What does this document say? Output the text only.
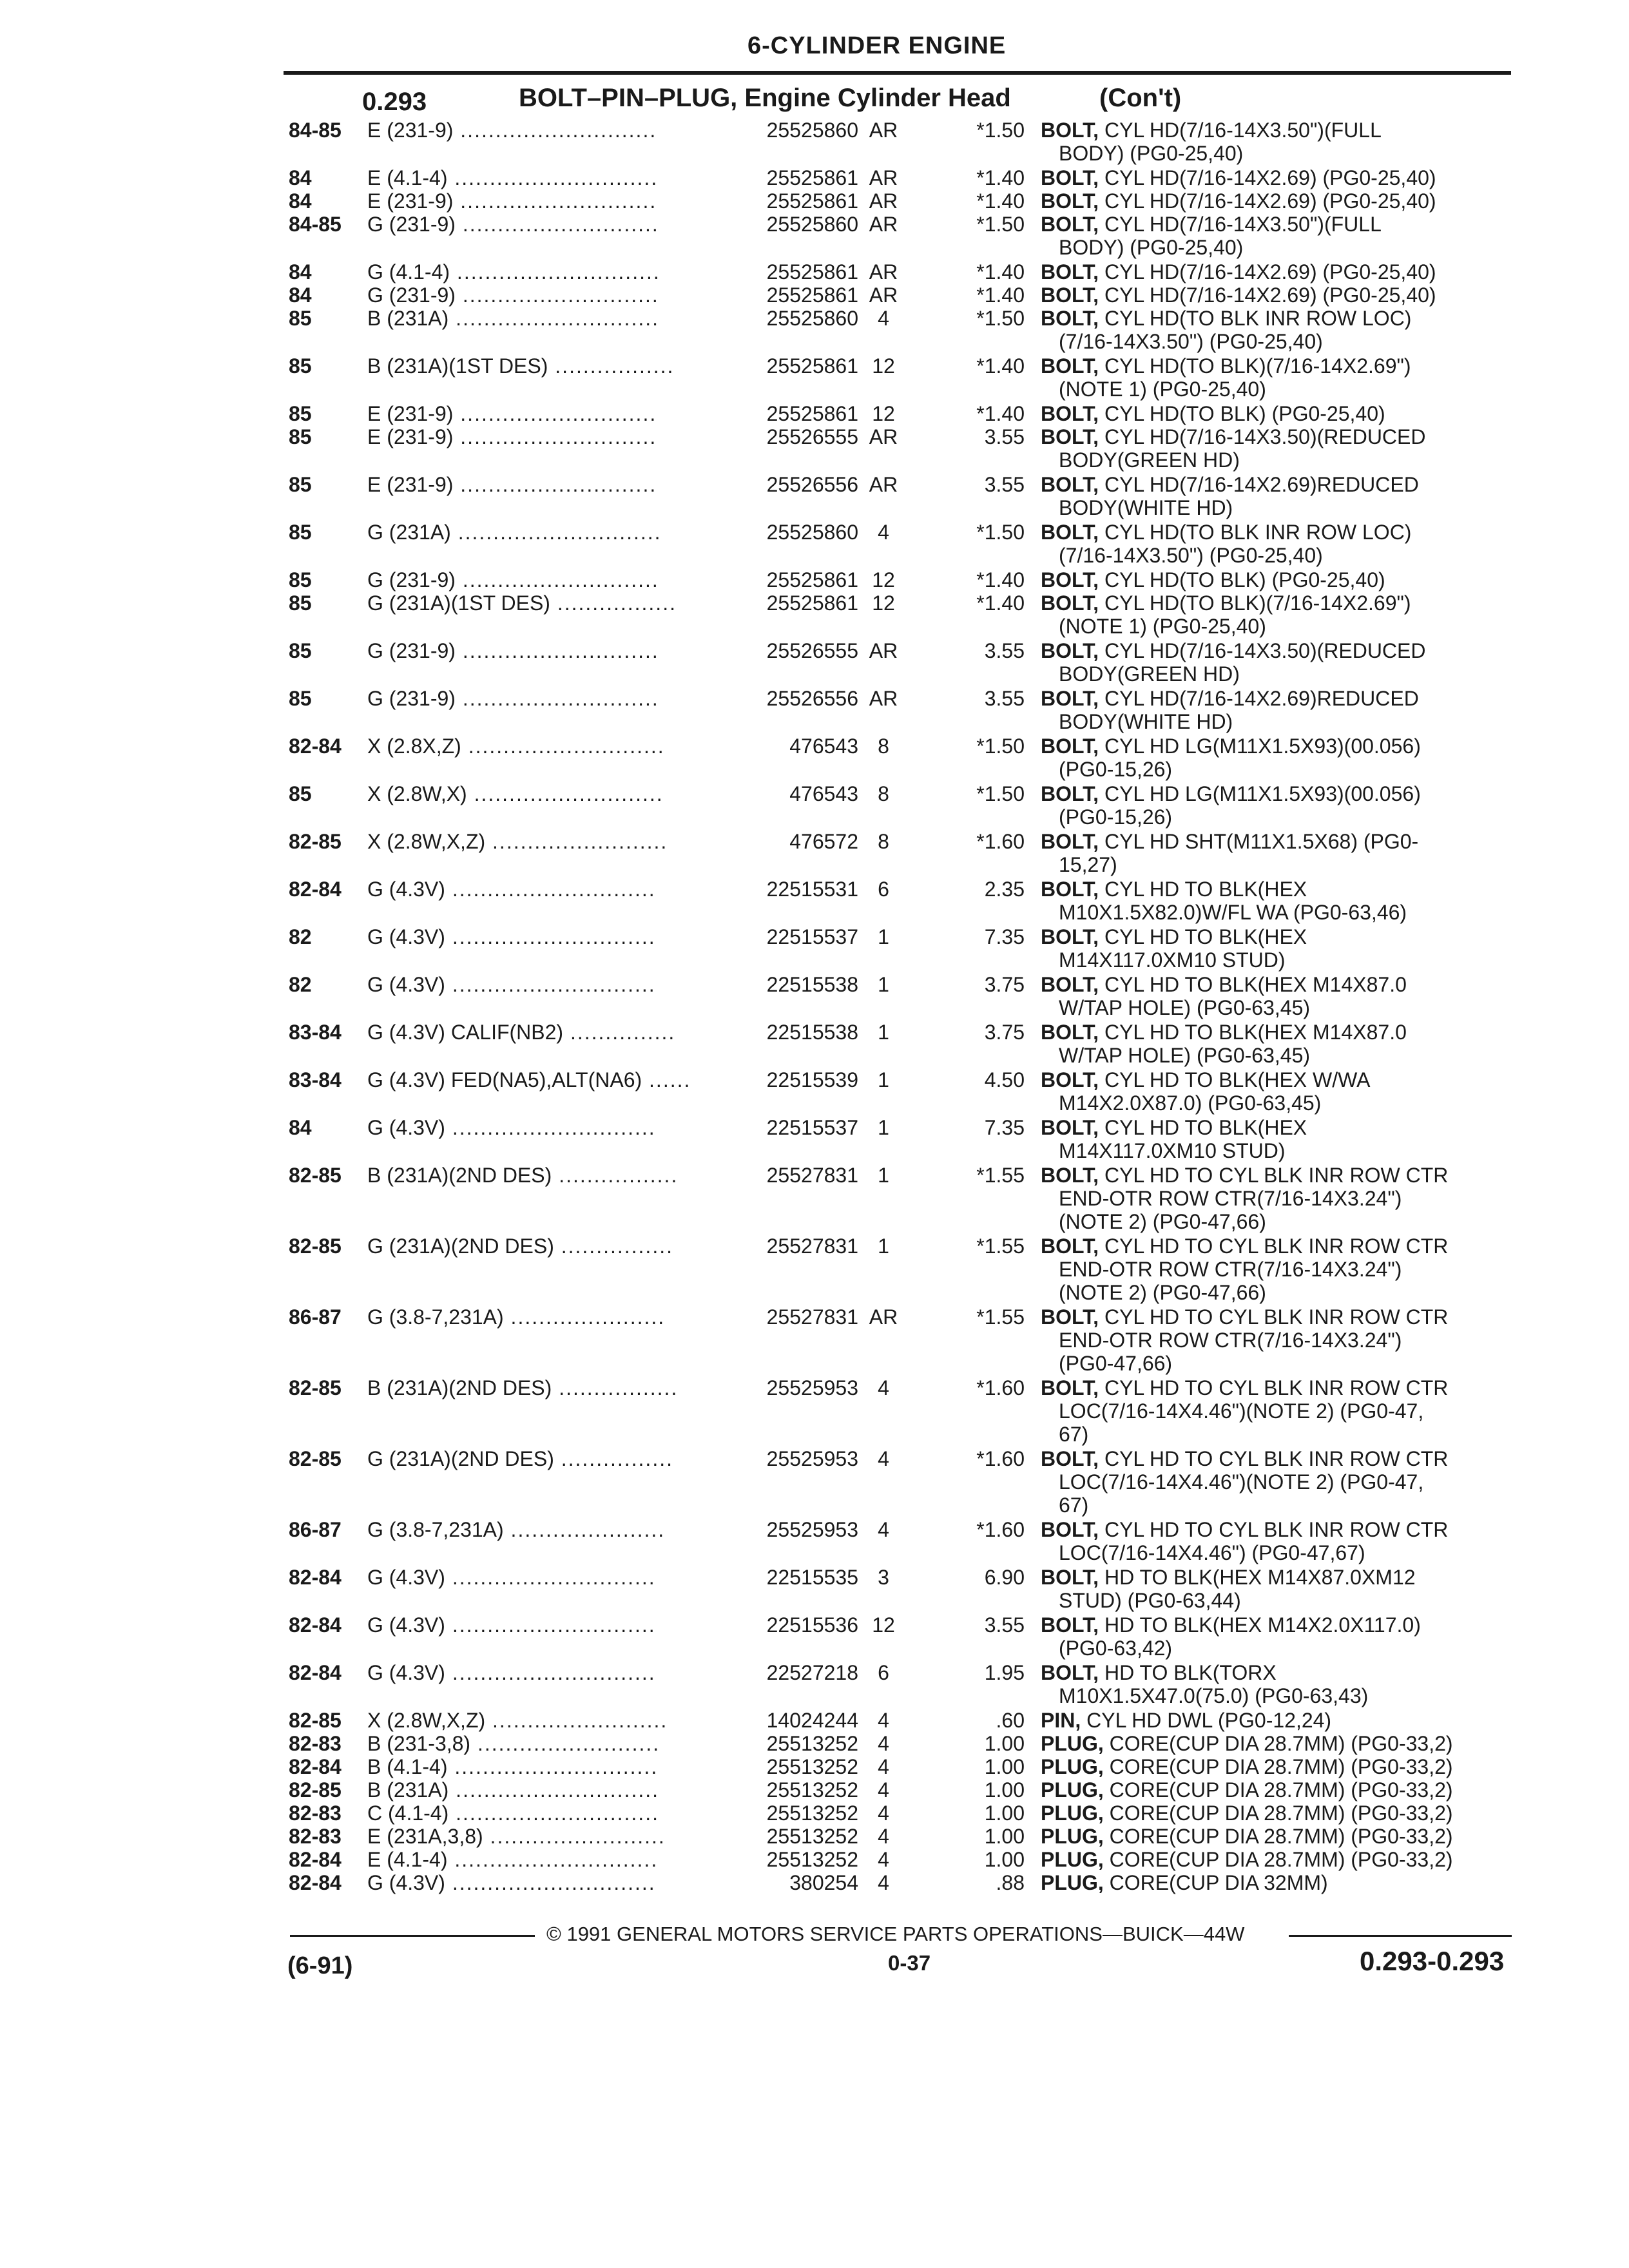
6-CYLINDER ENGINE
0.293	BOLT–PIN–PLUG, Engine Cylinder Head	(Con't)
84-85 E (231-9) ............................	25525860 AR	*1.50 BOLT, CYL HD(7/16-14X3.50")(FULL
BODY) (PG0-25,40)
84	E (4.1-4) .............................	25525861 AR	*1.40 BOLT, CYL HD(7/16-14X2.69) (PG0-25,40)
84	E (231-9) ............................	25525861 AR	*1.40 BOLT, CYL HD(7/16-14X2.69) (PG0-25,40)
84-85 G (231-9) ............................	25525860 AR	*1.50 BOLT, CYL HD(7/16-14X3.50")(FULL
BODY) (PG0-25,40)
84	G (4.1-4) .............................	25525861 AR	*1.40 BOLT, CYL HD(7/16-14X2.69) (PG0-25,40)
84	G (231-9) ............................	25525861 AR	*1.40 BOLT, CYL HD(7/16-14X2.69) (PG0-25,40)
85	B (231A) .............................	25525860 4	*1.50 BOLT, CYL HD(TO BLK INR ROW LOC)
(7/16-14X3.50") (PG0-25,40)
85	B (231A)(1ST DES) .................	25525861 12	*1.40 BOLT, CYL HD(TO BLK)(7/16-14X2.69")
(NOTE 1) (PG0-25,40)
85	E (231-9) ............................	25525861 12	*1.40 BOLT, CYL HD(TO BLK) (PG0-25,40)
85	E (231-9) ............................	25526555 AR	3.55 BOLT, CYL HD(7/16-14X3.50)(REDUCED
BODY(GREEN HD)
85	E (231-9) ............................	25526556 AR	3.55 BOLT, CYL HD(7/16-14X2.69)REDUCED
BODY(WHITE HD)
85	G (231A) .............................	25525860 4	*1.50 BOLT, CYL HD(TO BLK INR ROW LOC)
(7/16-14X3.50") (PG0-25,40)
85	G (231-9) ............................	25525861 12	*1.40 BOLT, CYL HD(TO BLK) (PG0-25,40)
85	G (231A)(1ST DES) .................	25525861 12	*1.40 BOLT, CYL HD(TO BLK)(7/16-14X2.69")
(NOTE 1) (PG0-25,40)
85	G (231-9) ............................	25526555 AR	3.55 BOLT, CYL HD(7/16-14X3.50)(REDUCED
BODY(GREEN HD)
85	G (231-9) ............................	25526556 AR	3.55 BOLT, CYL HD(7/16-14X2.69)REDUCED
BODY(WHITE HD)
82-84 X (2.8X,Z) ............................	476543 8	*1.50 BOLT, CYL HD LG(M11X1.5X93)(00.056)
(PG0-15,26)
85	X (2.8W,X) ...........................	476543 8	*1.50 BOLT, CYL HD LG(M11X1.5X93)(00.056)
(PG0-15,26)
82-85 X (2.8W,X,Z) .........................	476572 8	*1.60 BOLT, CYL HD SHT(M11X1.5X68) (PG0-
15,27)
82-84 G (4.3V) .............................	22515531 6	2.35 BOLT, CYL HD TO BLK(HEX
M10X1.5X82.0)W/FL WA (PG0-63,46)
82	G (4.3V) .............................	22515537 1	7.35 BOLT, CYL HD TO BLK(HEX
M14X117.0XM10 STUD)
82	G (4.3V) .............................	22515538 1	3.75 BOLT, CYL HD TO BLK(HEX M14X87.0
W/TAP HOLE) (PG0-63,45)
83-84 G (4.3V) CALIF(NB2) ...............	22515538 1	3.75 BOLT, CYL HD TO BLK(HEX M14X87.0
W/TAP HOLE) (PG0-63,45)
83-84 G (4.3V) FED(NA5),ALT(NA6) ......	22515539 1	4.50 BOLT, CYL HD TO BLK(HEX W/WA
M14X2.0X87.0) (PG0-63,45)
84	G (4.3V) .............................	22515537 1	7.35 BOLT, CYL HD TO BLK(HEX
M14X117.0XM10 STUD)
82-85 B (231A)(2ND DES) .................	25527831 1	*1.55 BOLT, CYL HD TO CYL BLK INR ROW CTR
END-OTR ROW CTR(7/16-14X3.24")
(NOTE 2) (PG0-47,66)
82-85 G (231A)(2ND DES) ................	25527831 1	*1.55 BOLT, CYL HD TO CYL BLK INR ROW CTR
END-OTR ROW CTR(7/16-14X3.24")
(NOTE 2) (PG0-47,66)
86-87 G (3.8-7,231A) ......................	25527831 AR	*1.55 BOLT, CYL HD TO CYL BLK INR ROW CTR
END-OTR ROW CTR(7/16-14X3.24")
(PG0-47,66)
82-85 B (231A)(2ND DES) .................	25525953 4	*1.60 BOLT, CYL HD TO CYL BLK INR ROW CTR
LOC(7/16-14X4.46")(NOTE 2) (PG0-47,
67)
82-85 G (231A)(2ND DES) ................	25525953 4	*1.60 BOLT, CYL HD TO CYL BLK INR ROW CTR
LOC(7/16-14X4.46")(NOTE 2) (PG0-47,
67)
86-87 G (3.8-7,231A) ......................	25525953 4	*1.60 BOLT, CYL HD TO CYL BLK INR ROW CTR
LOC(7/16-14X4.46") (PG0-47,67)
82-84 G (4.3V) .............................	22515535 3	6.90 BOLT, HD TO BLK(HEX M14X87.0XM12
STUD) (PG0-63,44)
82-84 G (4.3V) .............................	22515536 12	3.55 BOLT, HD TO BLK(HEX M14X2.0X117.0)
(PG0-63,42)
82-84 G (4.3V) .............................	22527218 6	1.95 BOLT, HD TO BLK(TORX
M10X1.5X47.0(75.0) (PG0-63,43)
82-85 X (2.8W,X,Z) .........................	14024244 4	.60 PIN, CYL HD DWL (PG0-12,24)
82-83 B (231-3,8) ..........................	25513252 4	1.00 PLUG, CORE(CUP DIA 28.7MM) (PG0-33,2)
82-84 B (4.1-4) .............................	25513252 4	1.00 PLUG, CORE(CUP DIA 28.7MM) (PG0-33,2)
82-85 B (231A) .............................	25513252 4	1.00 PLUG, CORE(CUP DIA 28.7MM) (PG0-33,2)
82-83 C (4.1-4) .............................	25513252 4	1.00 PLUG, CORE(CUP DIA 28.7MM) (PG0-33,2)
82-83 E (231A,3,8) .........................	25513252 4	1.00 PLUG, CORE(CUP DIA 28.7MM) (PG0-33,2)
82-84 E (4.1-4) .............................	25513252 4	1.00 PLUG, CORE(CUP DIA 28.7MM) (PG0-33,2)
82-84 G (4.3V) .............................	380254 4	.88 PLUG, CORE(CUP DIA 32MM)
© 1991 GENERAL MOTORS SERVICE PARTS OPERATIONS—BUICK—44W
(6-91)	0-37	0.293-0.293
